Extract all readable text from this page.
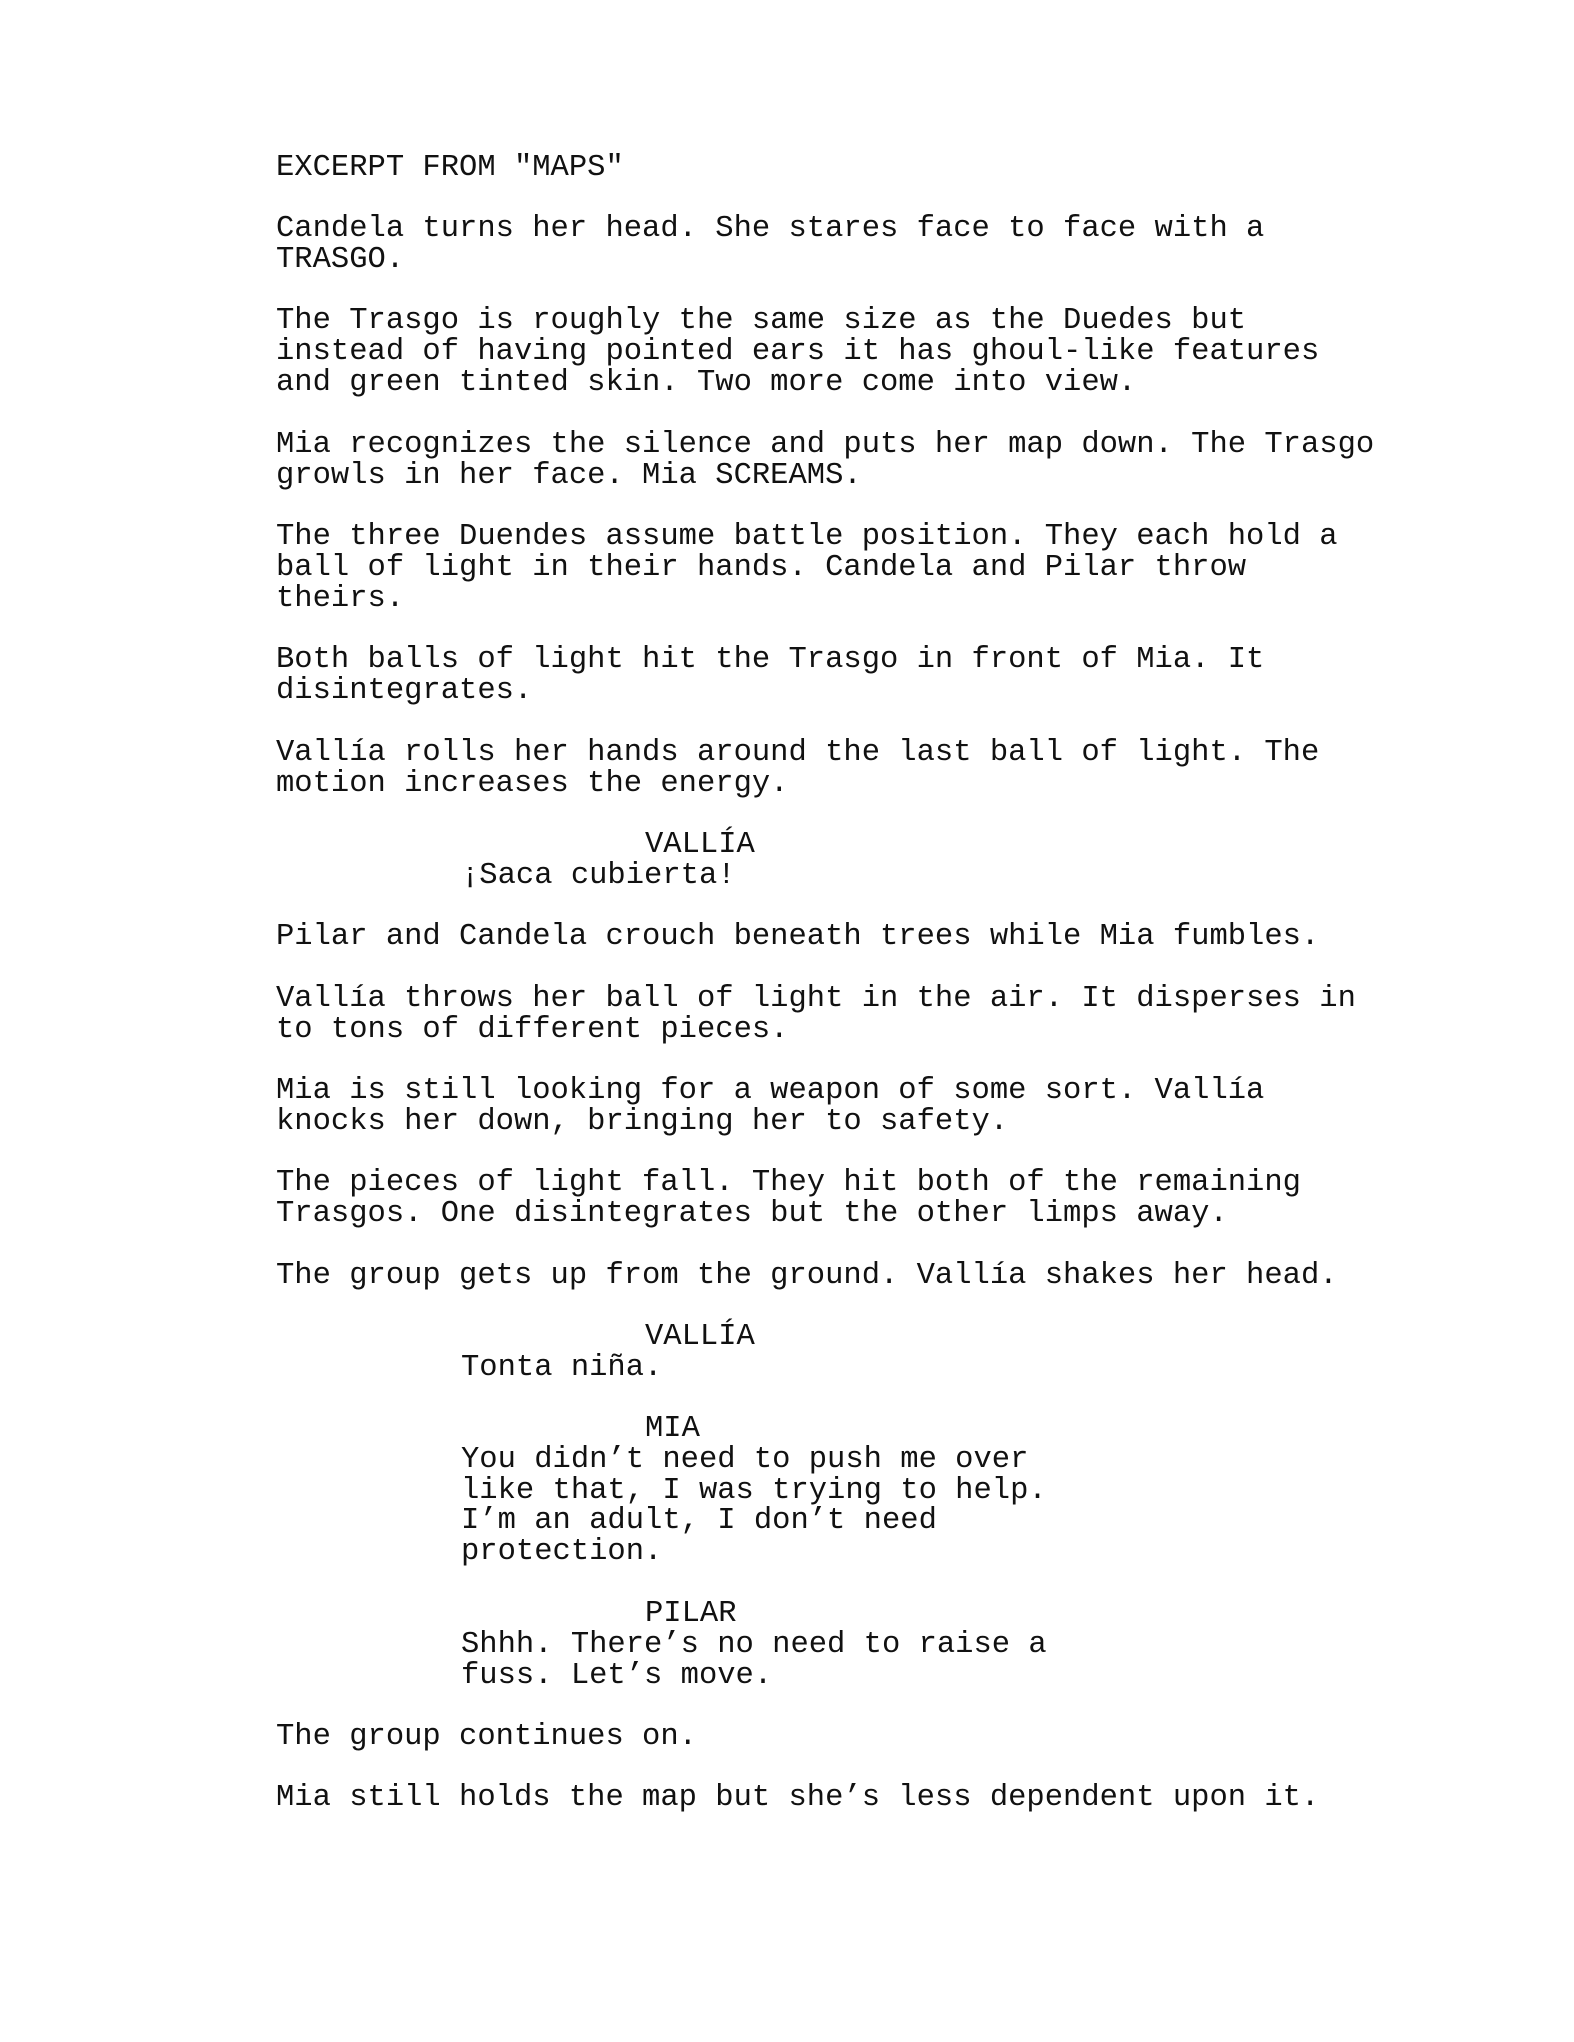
EXCERPT FROM "MAPS"
Candela turns her head. She stares face to face with a
TRASGO.
The Trasgo is roughly the same size as the Duedes but
instead of having pointed ears it has ghoul-like features
and green tinted skin. Two more come into view.
Mia recognizes the silence and puts her map down. The Trasgo
growls in her face. Mia SCREAMS.
The three Duendes assume battle position. They each hold a
ball of light in their hands. Candela and Pilar throw
theirs.
Both balls of light hit the Trasgo in front of Mia. It
disintegrates.
Vallía rolls her hands around the last ball of light. The
motion increases the energy.
VALLÍA
¡Saca cubierta!
Pilar and Candela crouch beneath trees while Mia fumbles.
Vallía throws her ball of light in the air. It disperses in
to tons of different pieces.
Mia is still looking for a weapon of some sort. Vallía
knocks her down, bringing her to safety.
The pieces of light fall. They hit both of the remaining
Trasgos. One disintegrates but the other limps away.
The group gets up from the ground. Vallía shakes her head.
VALLÍA
Tonta niña.
MIA
You didn’t need to push me over
like that, I was trying to help.
I’m an adult, I don’t need
protection.
PILAR
Shhh. There’s no need to raise a
fuss. Let’s move.
The group continues on.
Mia still holds the map but she’s less dependent upon it.
